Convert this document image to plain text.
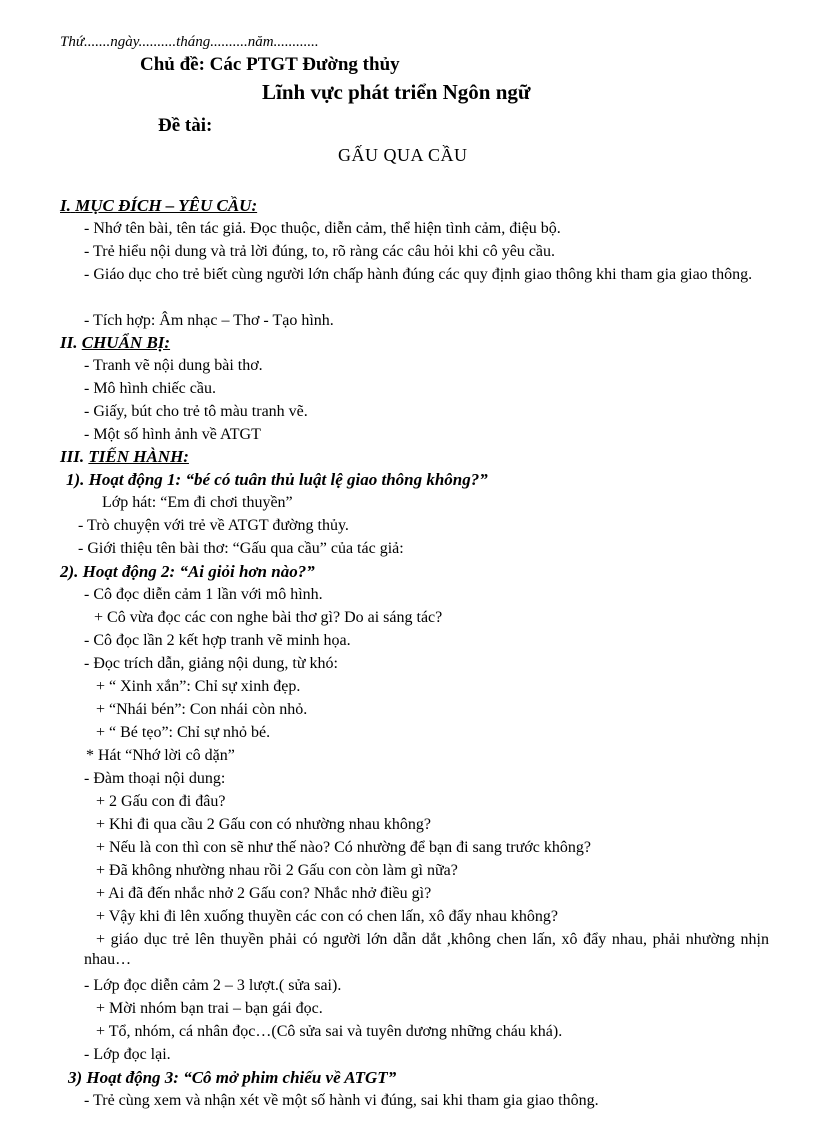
Thứ.......ngày..........tháng..........năm............
Chủ đề: Các PTGT Đường thủy
Lĩnh vực phát triển Ngôn ngữ
Đề tài:
GẤU QUA CẦU
I. MỤC ĐÍCH – YÊU CẦU:
- Nhớ tên bài, tên tác giả. Đọc thuộc, diễn cảm, thể hiện tình cảm, điệu bộ.
- Trẻ hiểu nội dung và trả lời đúng, to, rõ ràng các câu hỏi khi cô yêu cầu.
- Giáo dục cho trẻ biết cùng người lớn chấp hành đúng các quy định giao thông khi tham gia giao thông.
- Tích hợp: Âm nhạc – Thơ - Tạo hình.
II. CHUẨN BỊ:
- Tranh vẽ nội dung bài thơ.
- Mô hình chiếc cầu.
- Giấy, bút cho trẻ tô màu tranh vẽ.
- Một số hình ảnh về ATGT
III. TIẾN HÀNH:
1). Hoạt động 1: “bé có tuân thủ luật lệ giao thông không?”
Lớp hát: “Em đi chơi thuyền”
- Trò chuyện với trẻ về ATGT đường thủy.
- Giới thiệu tên bài thơ: “Gấu qua cầu” của tác giả:
2). Hoạt động 2: “Ai giỏi hơn nào?”
- Cô đọc diễn cảm 1 lần với mô hình.
+ Cô vừa đọc các con nghe bài thơ gì? Do ai sáng tác?
- Cô đọc lần 2 kết hợp tranh vẽ minh họa.
- Đọc trích dẫn, giảng nội dung, từ khó:
+ “ Xinh xắn”: Chỉ sự xinh đẹp.
+ “Nhái bén”: Con nhái còn nhỏ.
+ “ Bé tẹo”: Chỉ sự nhỏ bé.
* Hát “Nhớ lời cô dặn”
- Đàm thoại nội dung:
+ 2 Gấu con đi đâu?
+ Khi đi qua cầu 2 Gấu con có nhường nhau không?
+ Nếu là con thì con sẽ như thế nào? Có nhường để bạn đi sang trước không?
+ Đã không nhường nhau rồi 2 Gấu con còn làm gì nữa?
+ Ai đã đến nhắc nhở 2 Gấu con? Nhắc nhở điều gì?
+ Vậy khi đi lên xuống thuyền các con có chen lấn, xô đẩy nhau không?
+ giáo dục trẻ lên thuyền phải có người lớn dẫn dắt ,không chen lấn, xô đẩy nhau, phải nhường nhịn nhau…
- Lớp đọc diễn cảm 2 – 3 lượt.( sửa sai).
+ Mời nhóm bạn trai – bạn gái đọc.
+ Tổ, nhóm, cá nhân đọc…(Cô sửa sai và tuyên dương những cháu khá).
- Lớp đọc lại.
3) Hoạt động 3: “Cô mở phim chiếu về ATGT”
- Trẻ cùng xem và nhận xét về một số hành vi đúng, sai khi tham gia giao thông.
